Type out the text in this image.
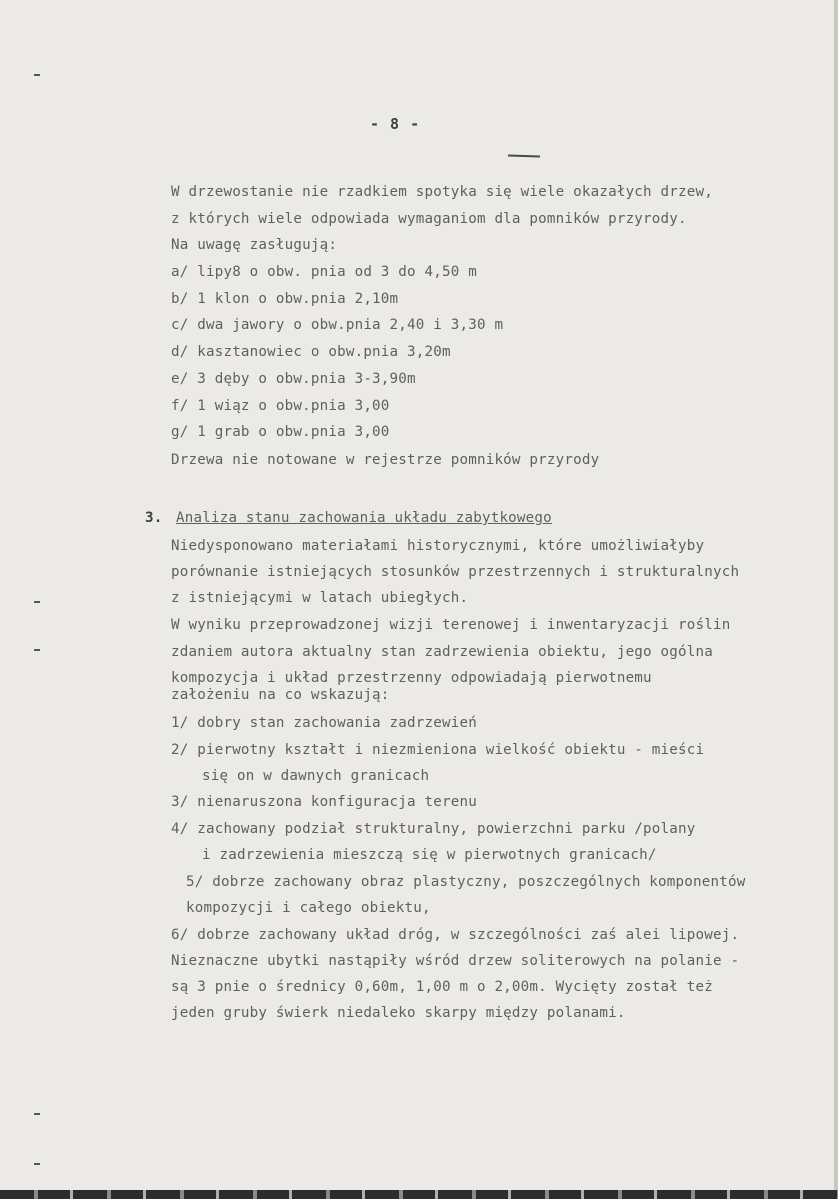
- 8 -
W drzewostanie nie rzadkiem spotyka się wiele okazałych drzew,
z których wiele odpowiada wymaganiom dla pomników przyrody.
Na uwagę zasługują:
a/ lipy8 o obw. pnia od 3 do 4,50 m
b/ 1 klon o obw.pnia 2,10m
c/ dwa jawory o obw.pnia 2,40 i 3,30 m
d/ kasztanowiec o obw.pnia 3,20m
e/ 3 dęby o obw.pnia 3-3,90m
f/ 1 wiąz o obw.pnia 3,00
g/ 1 grab o obw.pnia 3,00
Drzewa nie notowane w rejestrze pomników przyrody
3. Analiza stanu zachowania układu zabytkowego
Niedysponowano materiałami historycznymi, które umożliwiałyby
porównanie istniejących stosunków przestrzennych i strukturalnych
z istniejącymi w latach ubiegłych.
W wyniku przeprowadzonej wizji terenowej i inwentaryzacji roślin
zdaniem autora aktualny stan zadrzewienia obiektu, jego ogólna
kompozycja i układ przestrzenny odpowiadają pierwotnemu
założeniu na co wskazują:
1/ dobry stan zachowania zadrzewień
2/ pierwotny kształt i niezmieniona wielkość obiektu - mieści
się on w dawnych granicach
3/ nienaruszona konfiguracja terenu
4/ zachowany podział strukturalny, powierzchni parku /polany
i zadrzewienia mieszczą się w pierwotnych granicach/
5/ dobrze zachowany obraz plastyczny, poszczególnych komponentów
kompozycji i całego obiektu,
6/ dobrze zachowany układ dróg, w szczególności zaś alei lipowej.
Nieznaczne ubytki nastąpiły wśród drzew soliterowych na polanie -
są 3 pnie o średnicy 0,60m, 1,00 m o 2,00m. Wycięty został też
jeden gruby świerk niedaleko skarpy między polanami.
